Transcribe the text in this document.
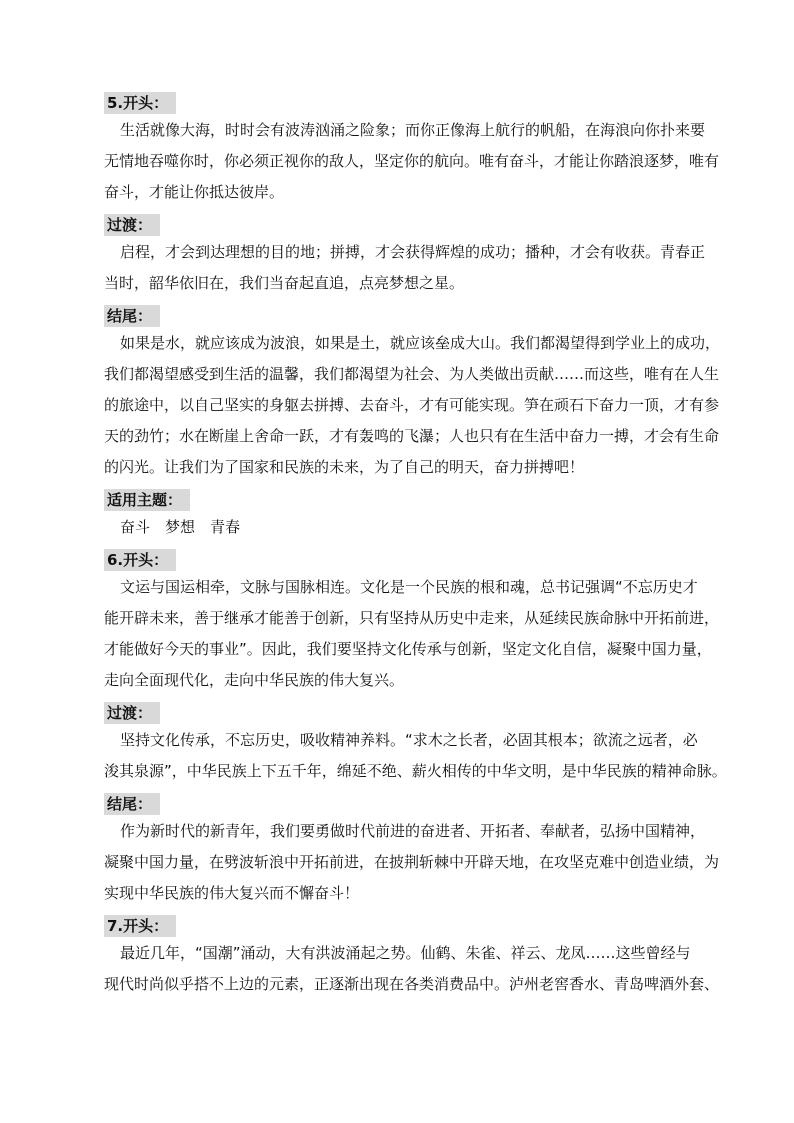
5.开头：
生活就像大海，时时会有波涛汹涌之险象；而你正像海上航行的帆船，在海浪向你扑来要
无情地吞噬你时，你必须正视你的敌人，坚定你的航向。唯有奋斗，才能让你踏浪逐梦，唯有
奋斗，才能让你抵达彼岸。
过渡：
启程，才会到达理想的目的地；拼搏，才会获得辉煌的成功；播种，才会有收获。青春正
当时，韶华依旧在，我们当奋起直追，点亮梦想之星。
结尾：
如果是水，就应该成为波浪，如果是土，就应该垒成大山。我们都渴望得到学业上的成功，
我们都渴望感受到生活的温馨，我们都渴望为社会、为人类做出贡献……而这些，唯有在人生
的旅途中，以自己坚实的身躯去拼搏、去奋斗，才有可能实现。笋在顽石下奋力一顶，才有参
天的劲竹；水在断崖上舍命一跃，才有轰鸣的飞瀑；人也只有在生活中奋力一搏，才会有生命
的闪光。让我们为了国家和民族的未来，为了自己的明天，奋力拼搏吧！
适用主题：
奋斗　梦想　青春
6.开头：
文运与国运相牵，文脉与国脉相连。文化是一个民族的根和魂，总书记强调“不忘历史才
能开辟未来，善于继承才能善于创新，只有坚持从历史中走来，从延续民族命脉中开拓前进，
才能做好今天的事业”。因此，我们要坚持文化传承与创新，坚定文化自信，凝聚中国力量，
走向全面现代化，走向中华民族的伟大复兴。
过渡：
坚持文化传承，不忘历史，吸收精神养料。“求木之长者，必固其根本；欲流之远者，必
浚其泉源”，中华民族上下五千年，绵延不绝、薪火相传的中华文明，是中华民族的精神命脉。
结尾：
作为新时代的新青年，我们要勇做时代前进的奋进者、开拓者、奉献者，弘扬中国精神，
凝聚中国力量，在劈波斩浪中开拓前进，在披荆斩棘中开辟天地，在攻坚克难中创造业绩，为
实现中华民族的伟大复兴而不懈奋斗！
7.开头：
最近几年，“国潮”涌动，大有洪波涌起之势。仙鹤、朱雀、祥云、龙凤……这些曾经与
现代时尚似乎搭不上边的元素，正逐渐出现在各类消费品中。泸州老窖香水、青岛啤酒外套、
